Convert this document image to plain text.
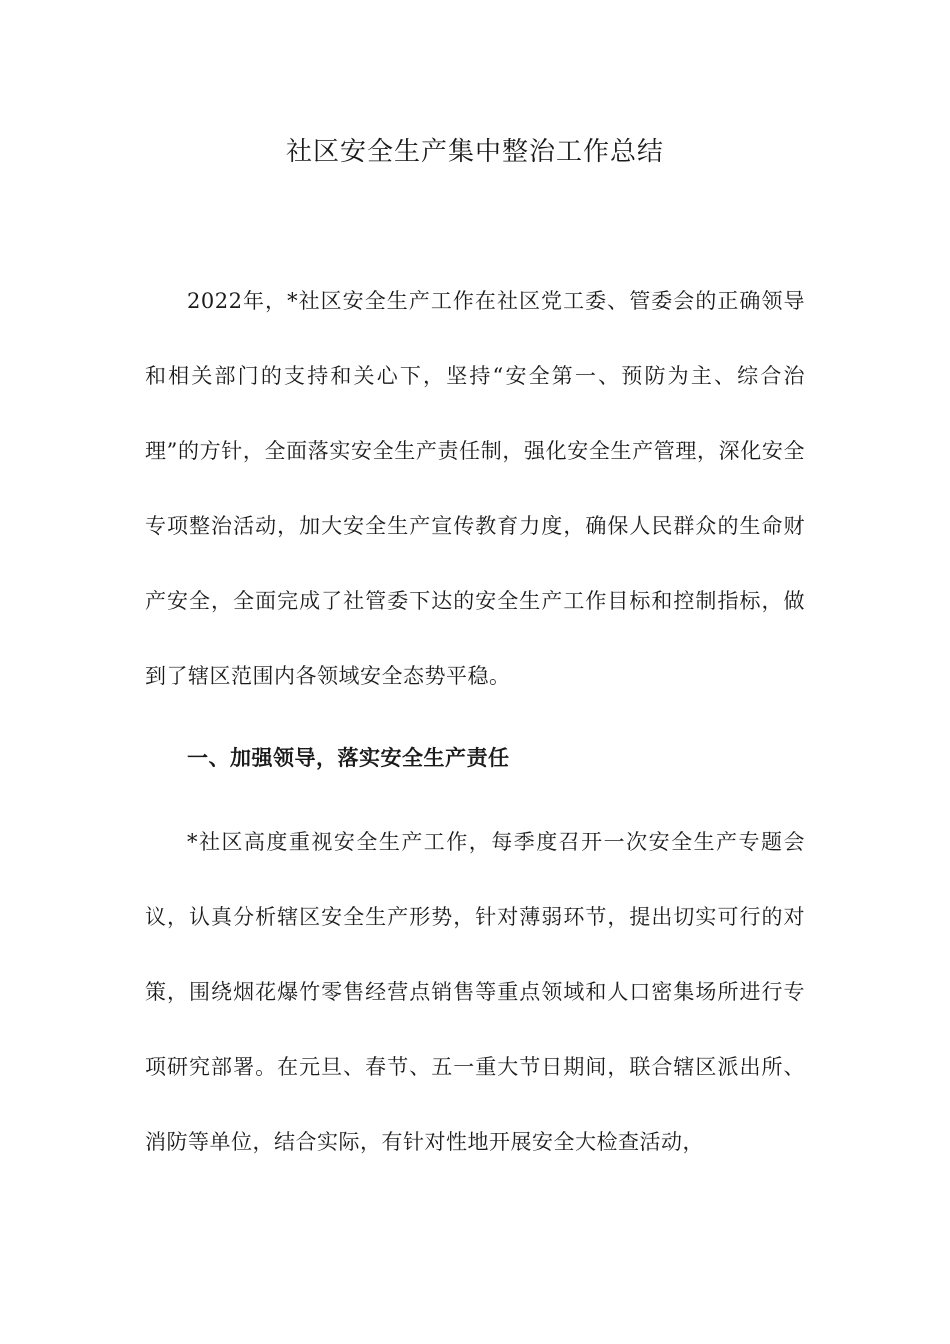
社区安全生产集中整治工作总结

2022年，*社区安全生产工作在社区党工委、管委会的正确领导和相关部门的支持和关心下，坚持“安全第一、预防为主、综合治理”的方针，全面落实安全生产责任制，强化安全生产管理，深化安全专项整治活动，加大安全生产宣传教育力度，确保人民群众的生命财产安全，全面完成了社管委下达的安全生产工作目标和控制指标，做到了辖区范围内各领域安全态势平稳。

一、加强领导，落实安全生产责任

*社区高度重视安全生产工作，每季度召开一次安全生产专题会议，认真分析辖区安全生产形势，针对薄弱环节，提出切实可行的对策，围绕烟花爆竹零售经营点销售等重点领域和人口密集场所进行专项研究部署。在元旦、春节、五一重大节日期间，联合辖区派出所、消防等单位，结合实际，有针对性地开展安全大检查活动，
